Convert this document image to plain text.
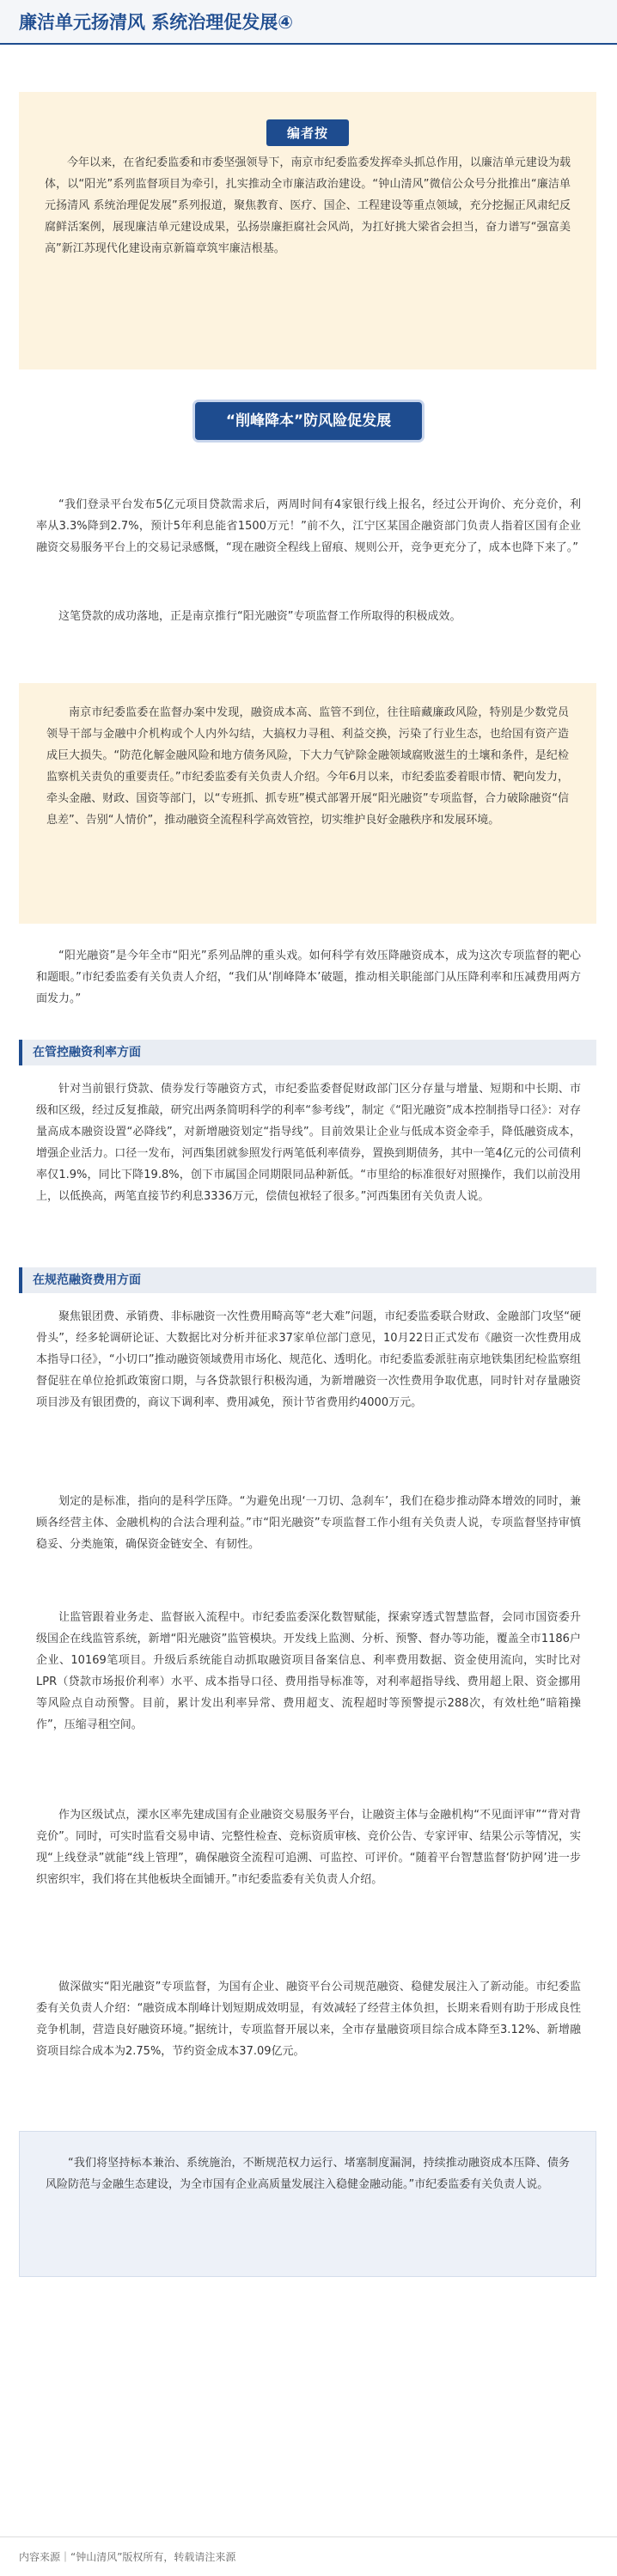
廉洁单元扬清风 系统治理促发展④
编者按

今年以来，在省纪委监委和市委坚强领导下，南京市纪委监委发挥牵头抓总作用，以廉洁单元建设为载体，以“阳光”系列监督项目为牵引，扎实推动全市廉洁政治建设。“钟山清风”微信公众号分批推出“廉洁单元扬清风 系统治理促发展”系列报道，聚焦教育、医疗、国企、工程建设等重点领域，充分挖掘正风肃纪反腐鲜活案例，展现廉洁单元建设成果，弘扬崇廉拒腐社会风尚，为扛好挑大梁省会担当，奋力谱写“强富美高”新江苏现代化建设南京新篇章筑牢廉洁根基。

“削峰降本”防风险促发展

“我们登录平台发布5亿元项目贷款需求后，两周时间有4家银行线上报名，经过公开询价、充分竞价，利率从3.3%降到2.7%，预计5年利息能省1500万元！”前不久，江宁区某国企融资部门负责人指着区国有企业融资交易服务平台上的交易记录感慨，“现在融资全程线上留痕、规则公开，竞争更充分了，成本也降下来了。”

这笔贷款的成功落地，正是南京推行“阳光融资”专项监督工作所取得的积极成效。

南京市纪委监委在监督办案中发现，融资成本高、监管不到位，往往暗藏廉政风险，特别是少数党员领导干部与金融中介机构或个人内外勾结，大搞权力寻租、利益交换，污染了行业生态，也给国有资产造成巨大损失。“防范化解金融风险和地方债务风险，下大力气铲除金融领域腐败滋生的土壤和条件，是纪检监察机关责负的重要责任。”市纪委监委有关负责人介绍。今年6月以来，市纪委监委着眼市情、靶向发力，牵头金融、财政、国资等部门，以“专班抓、抓专班”模式部署开展“阳光融资”专项监督，合力破除融资“信息差”、告别“人情价”，推动融资全流程科学高效管控，切实维护良好金融秩序和发展环境。

“阳光融资”是今年全市“阳光”系列品牌的重头戏。如何科学有效压降融资成本，成为这次专项监督的靶心和题眼。”市纪委监委有关负责人介绍，“我们从‘削峰降本’破题，推动相关职能部门从压降利率和压减费用两方面发力。”

在管控融资利率方面

针对当前银行贷款、债券发行等融资方式，市纪委监委督促财政部门区分存量与增量、短期和中长期、市级和区级，经过反复推敲，研究出两条简明科学的利率“参考线”，制定《“阳光融资”成本控制指导口径》：对存量高成本融资设置“必降线”，对新增融资划定“指导线”。目前效果让企业与低成本资金牵手，降低融资成本，增强企业活力。口径一发布，河西集团就参照发行两笔低利率债券，置换到期债务，其中一笔4亿元的公司债利率仅1.9%，同比下降19.8%，创下市属国企同期限同品种新低。“市里给的标准很好对照操作，我们以前没用上，以低换高，两笔直接节约利息3336万元，偿债包袱轻了很多。”河西集团有关负责人说。

在规范融资费用方面

聚焦银团费、承销费、非标融资一次性费用畸高等“老大难”问题，市纪委监委联合财政、金融部门攻坚“硬骨头”，经多轮调研论证、大数据比对分析并征求37家单位部门意见，10月22日正式发布《融资一次性费用成本指导口径》，“小切口”推动融资领域费用市场化、规范化、透明化。市纪委监委派驻南京地铁集团纪检监察组督促驻在单位抢抓政策窗口期，与各贷款银行积极沟通，为新增融资一次性费用争取优惠，同时针对存量融资项目涉及有银团费的，商议下调利率、费用减免，预计节省费用约4000万元。

划定的是标准，指向的是科学压降。“为避免出现‘一刀切、急刹车’，我们在稳步推动降本增效的同时，兼顾各经营主体、金融机构的合法合理利益。”市“阳光融资”专项监督工作小组有关负责人说，专项监督坚持审慎稳妥、分类施策，确保资金链安全、有韧性。

让监管跟着业务走、监督嵌入流程中。市纪委监委深化数智赋能，探索穿透式智慧监督，会同市国资委升级国企在线监管系统，新增“阳光融资”监管模块。开发线上监测、分析、预警、督办等功能，覆盖全市1186户企业、10169笔项目。升级后系统能自动抓取融资项目备案信息、利率费用数据、资金使用流向，实时比对LPR（贷款市场报价利率）水平、成本指导口径、费用指导标准等，对利率超指导线、费用超上限、资金挪用等风险点自动预警。目前，累计发出利率异常、费用超支、流程超时等预警提示288次，有效杜绝“暗箱操作”，压缩寻租空间。

作为区级试点，溧水区率先建成国有企业融资交易服务平台，让融资主体与金融机构“不见面评审”“背对背竞价”。同时，可实时监看交易申请、完整性检查、竞标资质审核、竞价公告、专家评审、结果公示等情况，实现“上线登录”就能“线上管理”，确保融资全流程可追溯、可监控、可评价。“随着平台智慧监督‘防护网’进一步织密织牢，我们将在其他板块全面铺开。”市纪委监委有关负责人介绍。

做深做实“阳光融资”专项监督，为国有企业、融资平台公司规范融资、稳健发展注入了新动能。市纪委监委有关负责人介绍：“融资成本削峰计划短期成效明显，有效减轻了经营主体负担，长期来看则有助于形成良性竞争机制，营造良好融资环境。”据统计，专项监督开展以来，全市存量融资项目综合成本降至3.12%、新增融资项目综合成本为2.75%，节约资金成本37.09亿元。

“我们将坚持标本兼治、系统施治，不断规范权力运行、堵塞制度漏洞，持续推动融资成本压降、债务风险防范与金融生态建设，为全市国有企业高质量发展注入稳健金融动能。”市纪委监委有关负责人说。

内容来源｜“钟山清风”版权所有，转载请注来源
